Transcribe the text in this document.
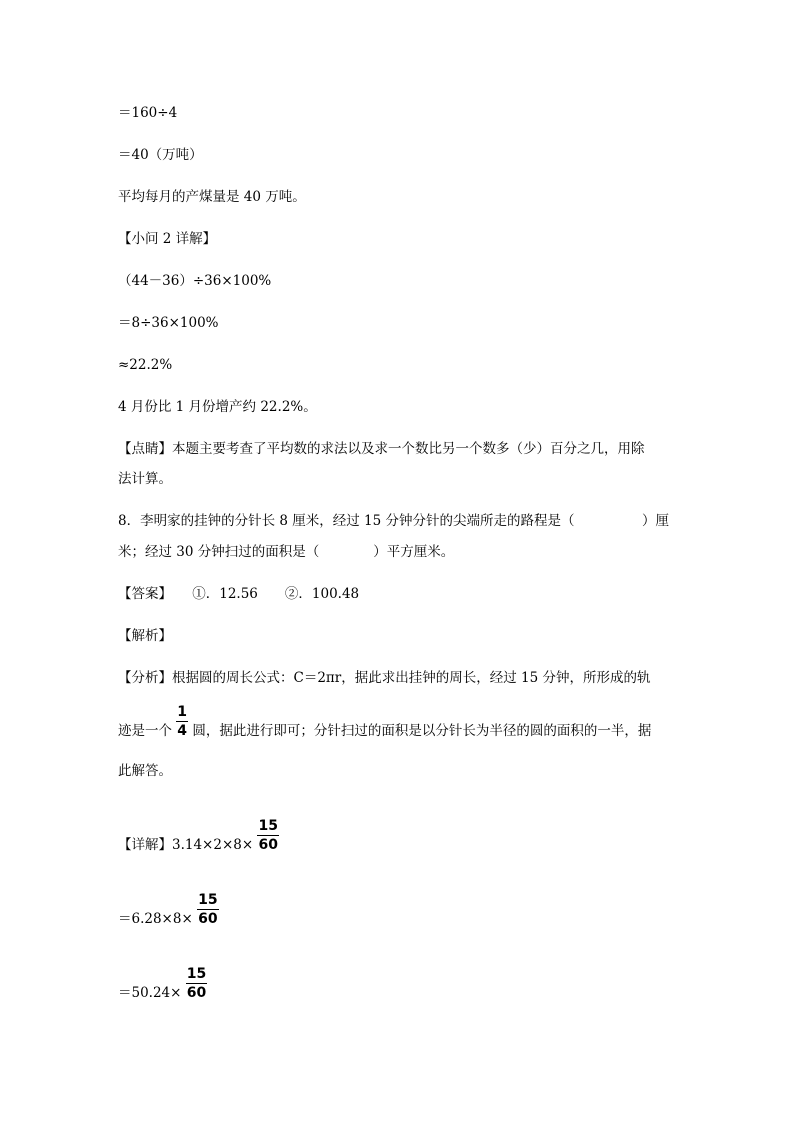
＝160÷4
＝40（万吨）
平均每月的产煤量是 40 万吨。
【小问 2 详解】
（44－36）÷36×100%
＝8÷36×100%
≈22.2%
4 月份比 1 月份增产约 22.2%。
【点睛】本题主要考查了平均数的求法以及求一个数比另一个数多（少）百分之几，用除
法计算。
8．李明家的挂钟的分针长 8 厘米，经过 15 分钟分针的尖端所走的路程是（　　　　　）厘
米；经过 30 分钟扫过的面积是（　　　　）平方厘米。
【答案】　　①．12.56　　②．100.48
【解析】
【分析】根据圆的周长公式：C＝2πr，据此求出挂钟的周长，经过 15 分钟，所形成的轨
迹是一个 $\frac{1}{4}$ 圆，据此进行即可；分针扫过的面积是以分针长为半径的圆的面积的一半，据
此解答。
【详解】$3.14\times 2\times 8\times \frac{15}{60}$
$=6.28\times 8\times \frac{15}{60}$
$=50.24\times \frac{15}{60}$
